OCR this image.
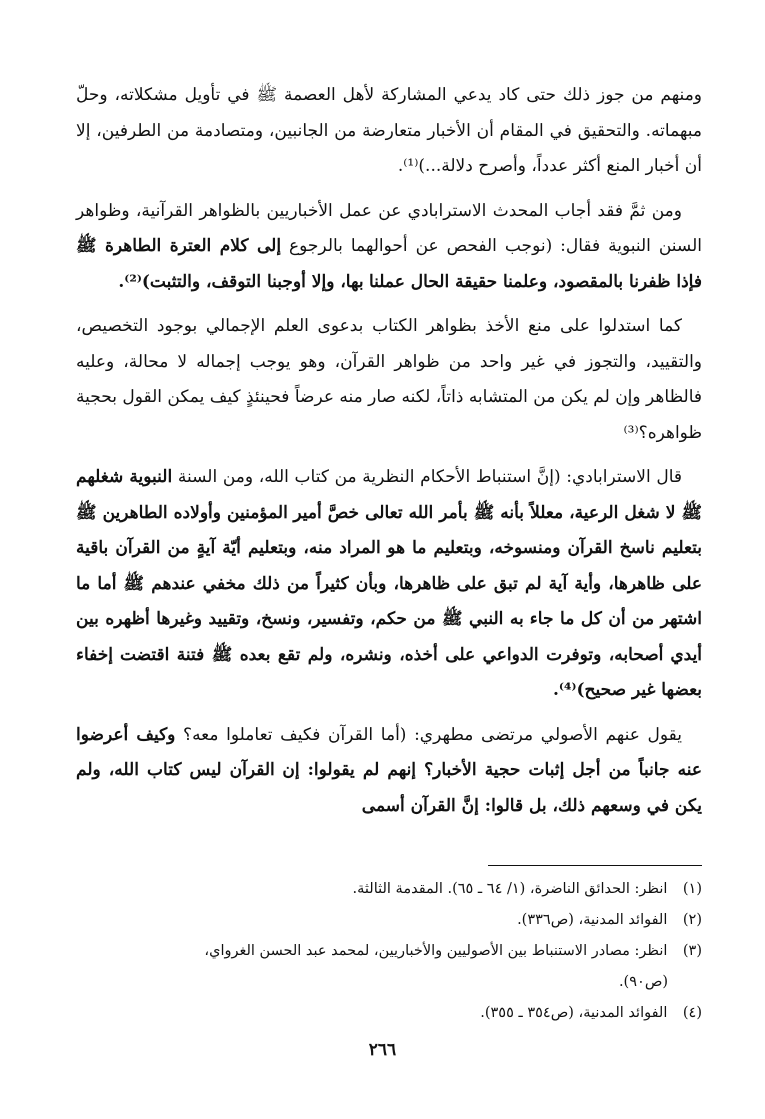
ومنهم من جوز ذلك حتى كاد يدعي المشاركة لأهل العصمة ﷺ في تأويل مشكلاته، وحلّ مبهماته. والتحقيق في المقام أن الأخبار متعارضة من الجانبين، ومتصادمة من الطرفين، إلا أن أخبار المنع أكثر عدداً، وأصرح دلالة...)⁽¹⁾.

ومن ثمَّ فقد أجاب المحدث الاسترابادي عن عمل الأخباريين بالظواهر القرآنية، وظواهر السنن النبوية فقال: (نوجب الفحص عن أحوالهما بالرجوع إلى كلام العترة الطاهرة ﷺ فإذا ظفرنا بالمقصود، وعلمنا حقيقة الحال عملنا بها، وإلا أوجبنا التوقف، والتثبت)⁽²⁾.

كما استدلوا على منع الأخذ بظواهر الكتاب بدعوى العلم الإجمالي بوجود التخصيص، والتقييد، والتجوز في غير واحد من ظواهر القرآن، وهو يوجب إجماله لا محالة، وعليه فالظاهر وإن لم يكن من المتشابه ذاتاً، لكنه صار منه عرضاً فحينئذٍ كيف يمكن القول بحجية ظواهره؟⁽³⁾

قال الاسترابادي: (إنَّ استنباط الأحكام النظرية من كتاب الله، ومن السنة النبوية شغلهم ﷺ لا شغل الرعية، معللاً بأنه ﷺ بأمر الله تعالى خصَّ أمير المؤمنين وأولاده الطاهرين ﷺ بتعليم ناسخ القرآن ومنسوخه، وبتعليم ما هو المراد منه، وبتعليم أيّة آيةٍ من القرآن باقية على ظاهرها، وأية آية لم تبق على ظاهرها، وبأن كثيراً من ذلك مخفي عندهم ﷺ أما ما اشتهر من أن كل ما جاء به النبي ﷺ من حكم، وتفسير، ونسخ، وتقييد وغيرها أظهره بين أيدي أصحابه، وتوفرت الدواعي على أخذه، ونشره، ولم تقع بعده ﷺ فتنة اقتضت إخفاء بعضها غير صحيح)⁽⁴⁾.

يقول عنهم الأصولي مرتضى مطهري: (أما القرآن فكيف تعاملوا معه؟ وكيف أعرضوا عنه جانباً من أجل إثبات حجية الأخبار؟ إنهم لم يقولوا: إن القرآن ليس كتاب الله، ولم يكن في وسعهم ذلك، بل قالوا: إنَّ القرآن أسمى

(١) انظر: الحدائق الناضرة، (١/ ٦٤ ـ ٦٥). المقدمة الثالثة.

(٢) الفوائد المدنية، (ص٣٣٦).

(٣) انظر: مصادر الاستنباط بين الأصوليين والأخباريين، لمحمد عبد الحسن الغرواي،

(ص٩٠).

(٤) الفوائد المدنية، (ص٣٥٤ ـ ٣٥٥).

٢٦٦
